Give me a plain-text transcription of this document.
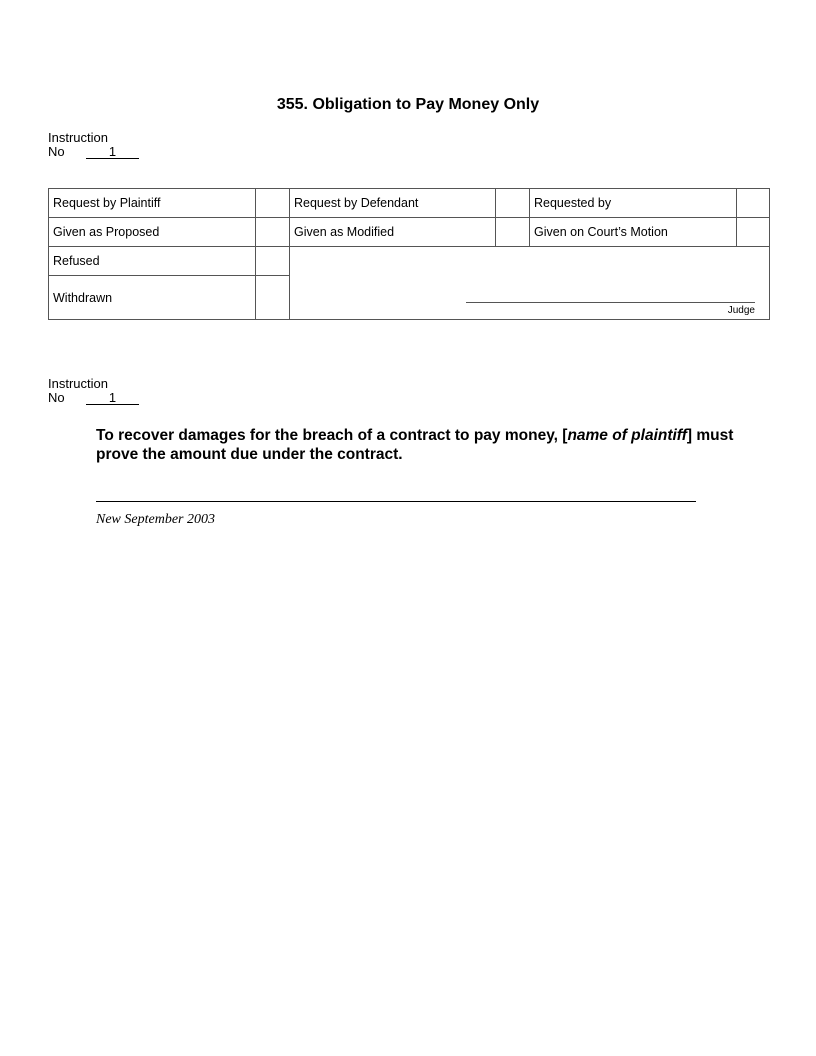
355. Obligation to Pay Money Only
Instruction
No	1
Request by Plaintiff		Request by Defendant		Requested by	
Given as Proposed		Given as Modified		Given on Court’s Motion	
Refused		Judge			

Withdrawn					
Instruction
No	1

To recover damages for the breach of a contract to pay money, [name of plaintiff] must prove the amount due under the contract.

New September 2003
